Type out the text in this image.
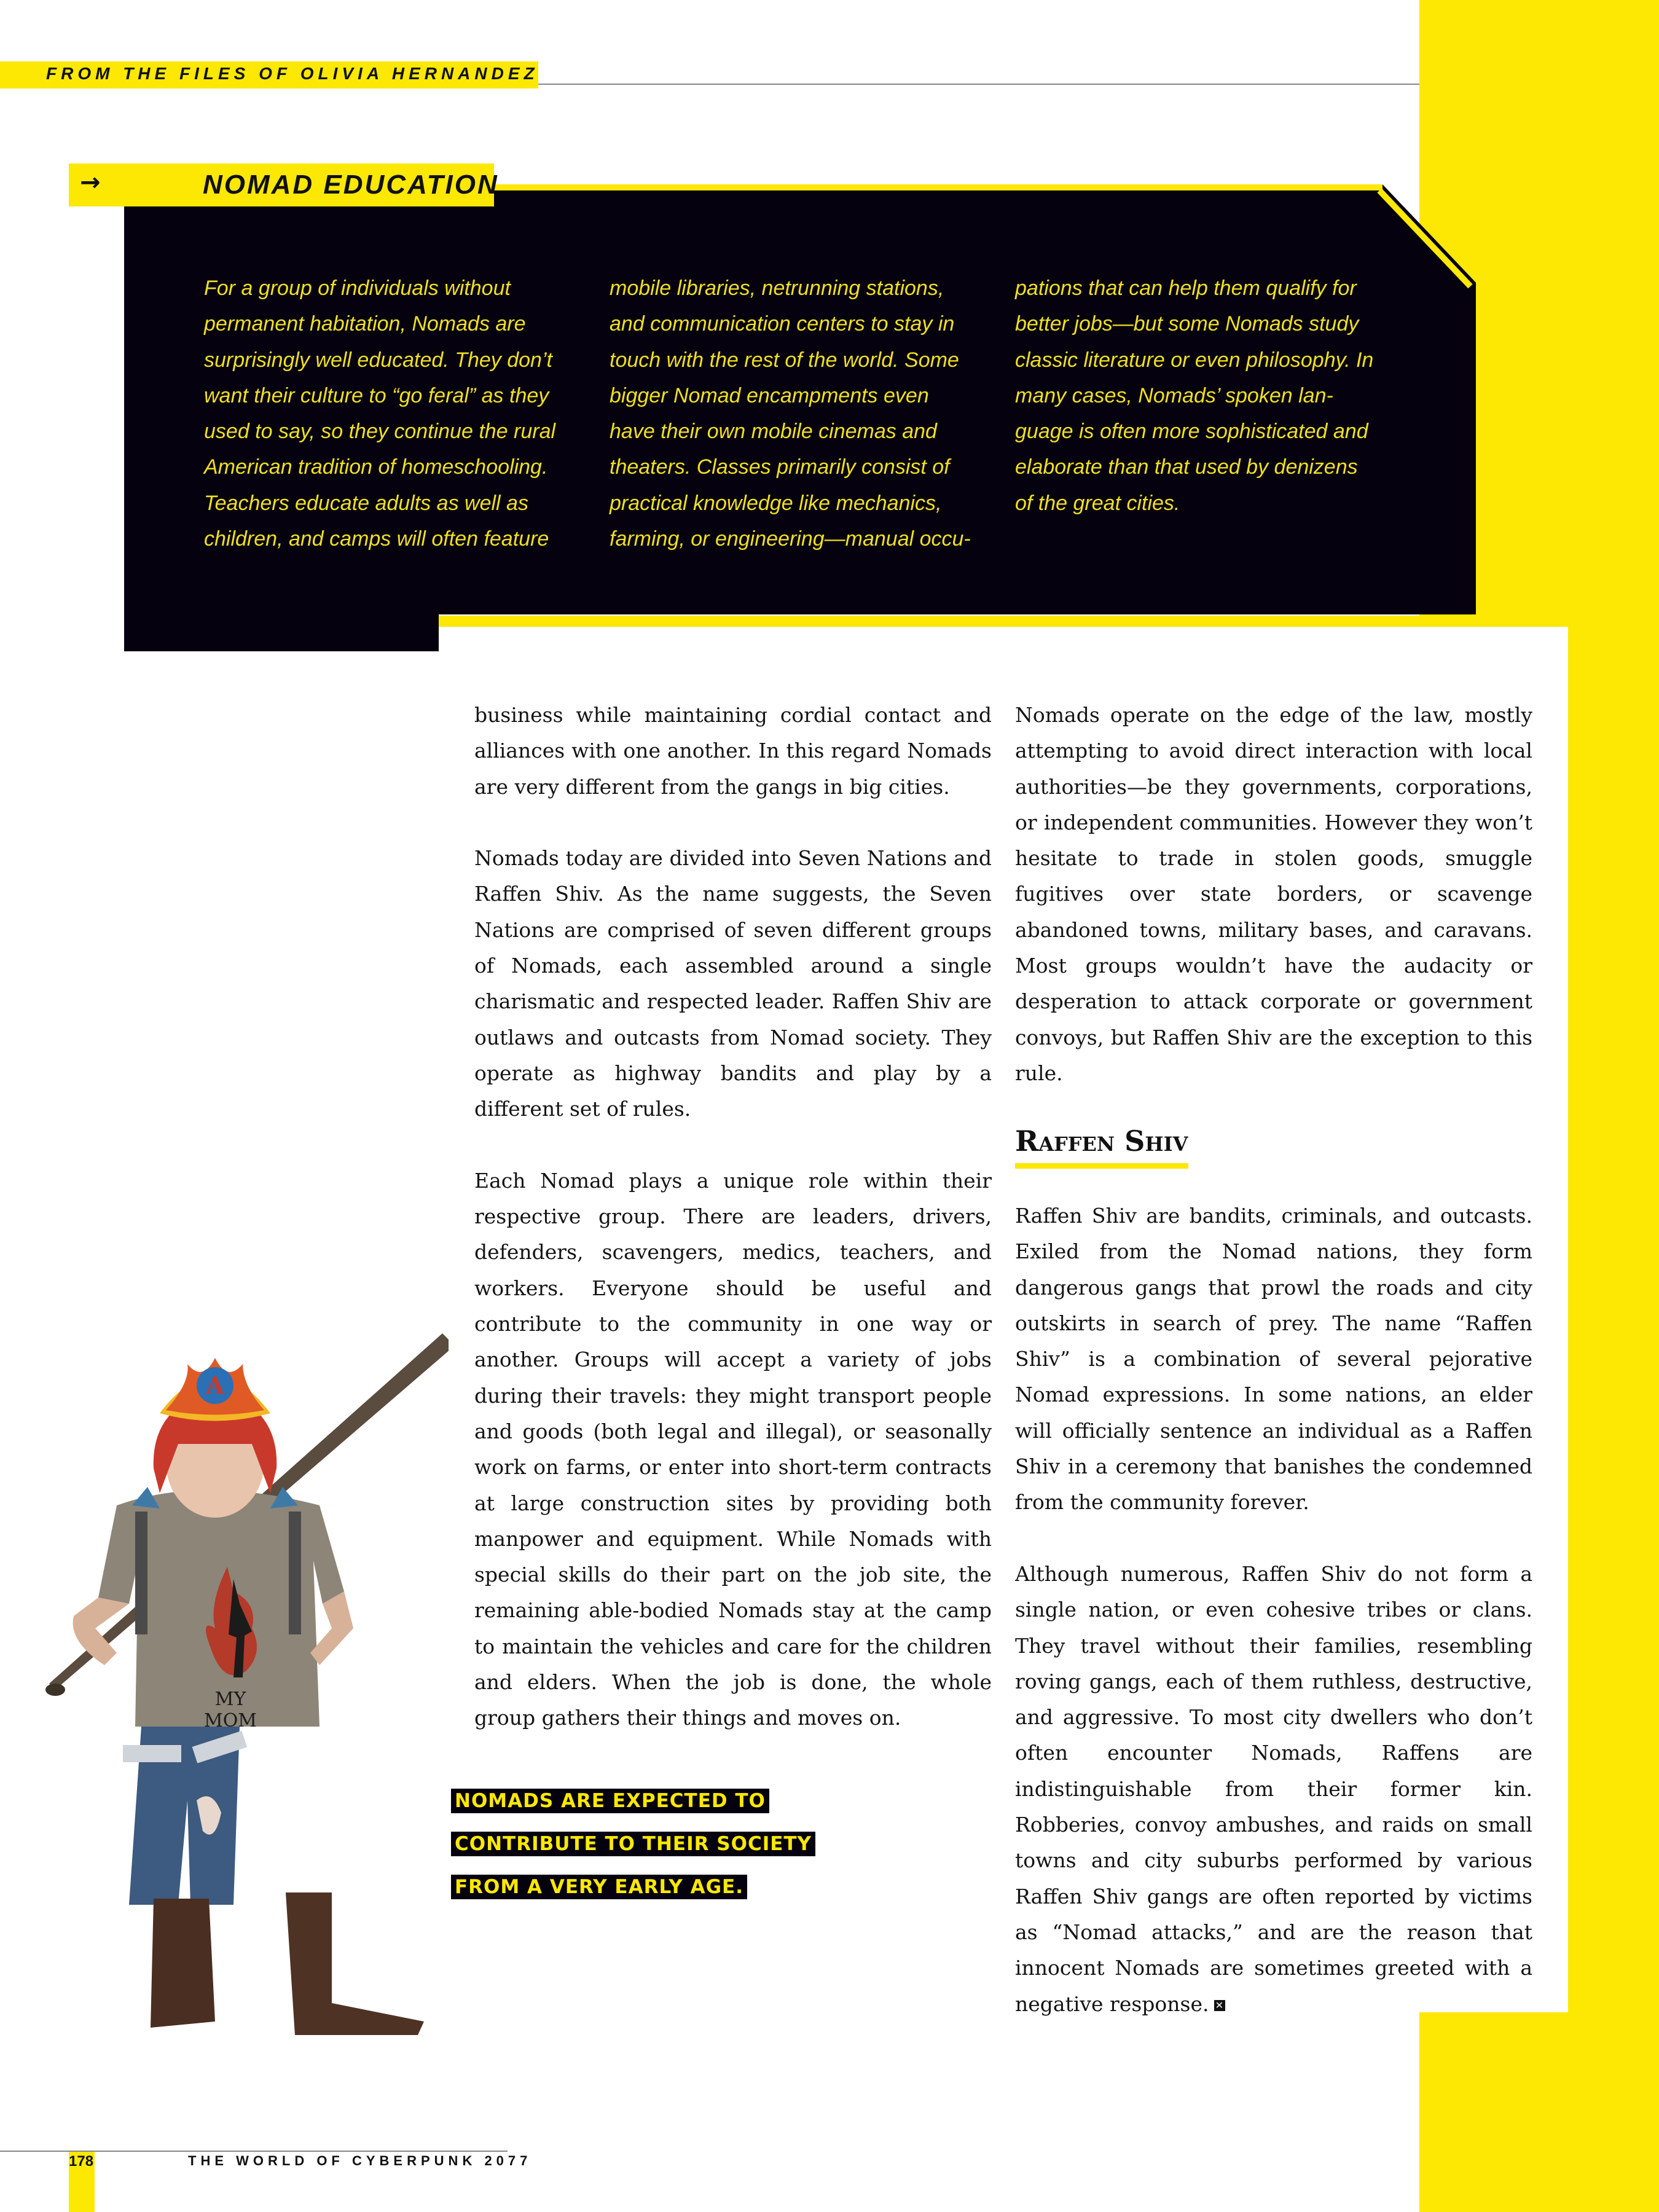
FROM THE FILES OF OLIVIA HERNANDEZ
→	NOMAD EDUCATION
For a group of individuals without
permanent habitation, Nomads are
surprisingly well educated. They don’t
want their culture to “go feral” as they
used to say, so they continue the rural
American tradition of homeschooling.
Teachers educate adults as well as
children, and camps will often feature
mobile libraries, netrunning stations,
and communication centers to stay in
touch with the rest of the world. Some
bigger Nomad encampments even
have their own mobile cinemas and
theaters. Classes primarily consist of
practical knowledge like mechanics,
farming, or engineering—manual occu-
pations that can help them qualify for
better jobs—but some Nomads study
classic literature or even philosophy. In
many cases, Nomads’ spoken lan-
guage is often more sophisticated and
elaborate than that used by denizens
of the great cities.

business while maintaining cordial contact and alliances with one another. In this regard Nomads are very different from the gangs in big cities.

Nomads today are divided into Seven Nations and Raffen Shiv. As the name suggests, the Seven Nations are comprised of seven different groups of Nomads, each assembled around a single charismatic and respected leader. Raffen Shiv are outlaws and outcasts from Nomad society. They operate as highway bandits and play by a different set of rules.

Each Nomad plays a unique role within their respective group. There are leaders, drivers, defenders, scavengers, medics, teachers, and workers. Everyone should be useful and contribute to the community in one way or another. Groups will accept a variety of jobs during their travels: they might transport people and goods (both legal and illegal), or seasonally work on farms, or enter into short-term contracts at large construction sites by providing both manpower and equipment. While Nomads with special skills do their part on the job site, the remaining able-bodied Nomads stay at the camp to maintain the vehicles and care for the children and elders. When the job is done, the whole group gathers their things and moves on.

Nomads operate on the edge of the law, mostly attempting to avoid direct interaction with local authorities—be they governments, corporations, or independent communities. However they won’t hesitate to trade in stolen goods, smuggle fugitives over state borders, or scavenge abandoned towns, military bases, and caravans. Most groups wouldn’t have the audacity or desperation to attack corporate or government convoys, but Raffen Shiv are the exception to this rule.

Raffen Shiv

Raffen Shiv are bandits, criminals, and outcasts. Exiled from the Nomad nations, they form dangerous gangs that prowl the roads and city outskirts in search of prey. The name “Raffen Shiv” is a combination of several pejorative Nomad expressions. In some nations, an elder will officially sentence an individual as a Raffen Shiv in a ceremony that banishes the condemned from the community forever.

Although numerous, Raffen Shiv do not form a single nation, or even cohesive tribes or clans. They travel without their families, resembling roving gangs, each of them ruthless, destructive, and aggressive. To most city dwellers who don’t often encounter Nomads, Raffens are indistinguishable from their former kin. Robberies, convoy ambushes, and raids on small towns and city suburbs performed by various Raffen Shiv gangs are often reported by victims as “Nomad attacks,” and are the reason that innocent Nomads are sometimes greeted with a negative response. ✕

NOMADS ARE EXPECTED TO
CONTRIBUTE TO THEIR SOCIETY
FROM A VERY EARLY AGE.
MY
MOM
A
178	THE WORLD OF CYBERPUNK 2077
